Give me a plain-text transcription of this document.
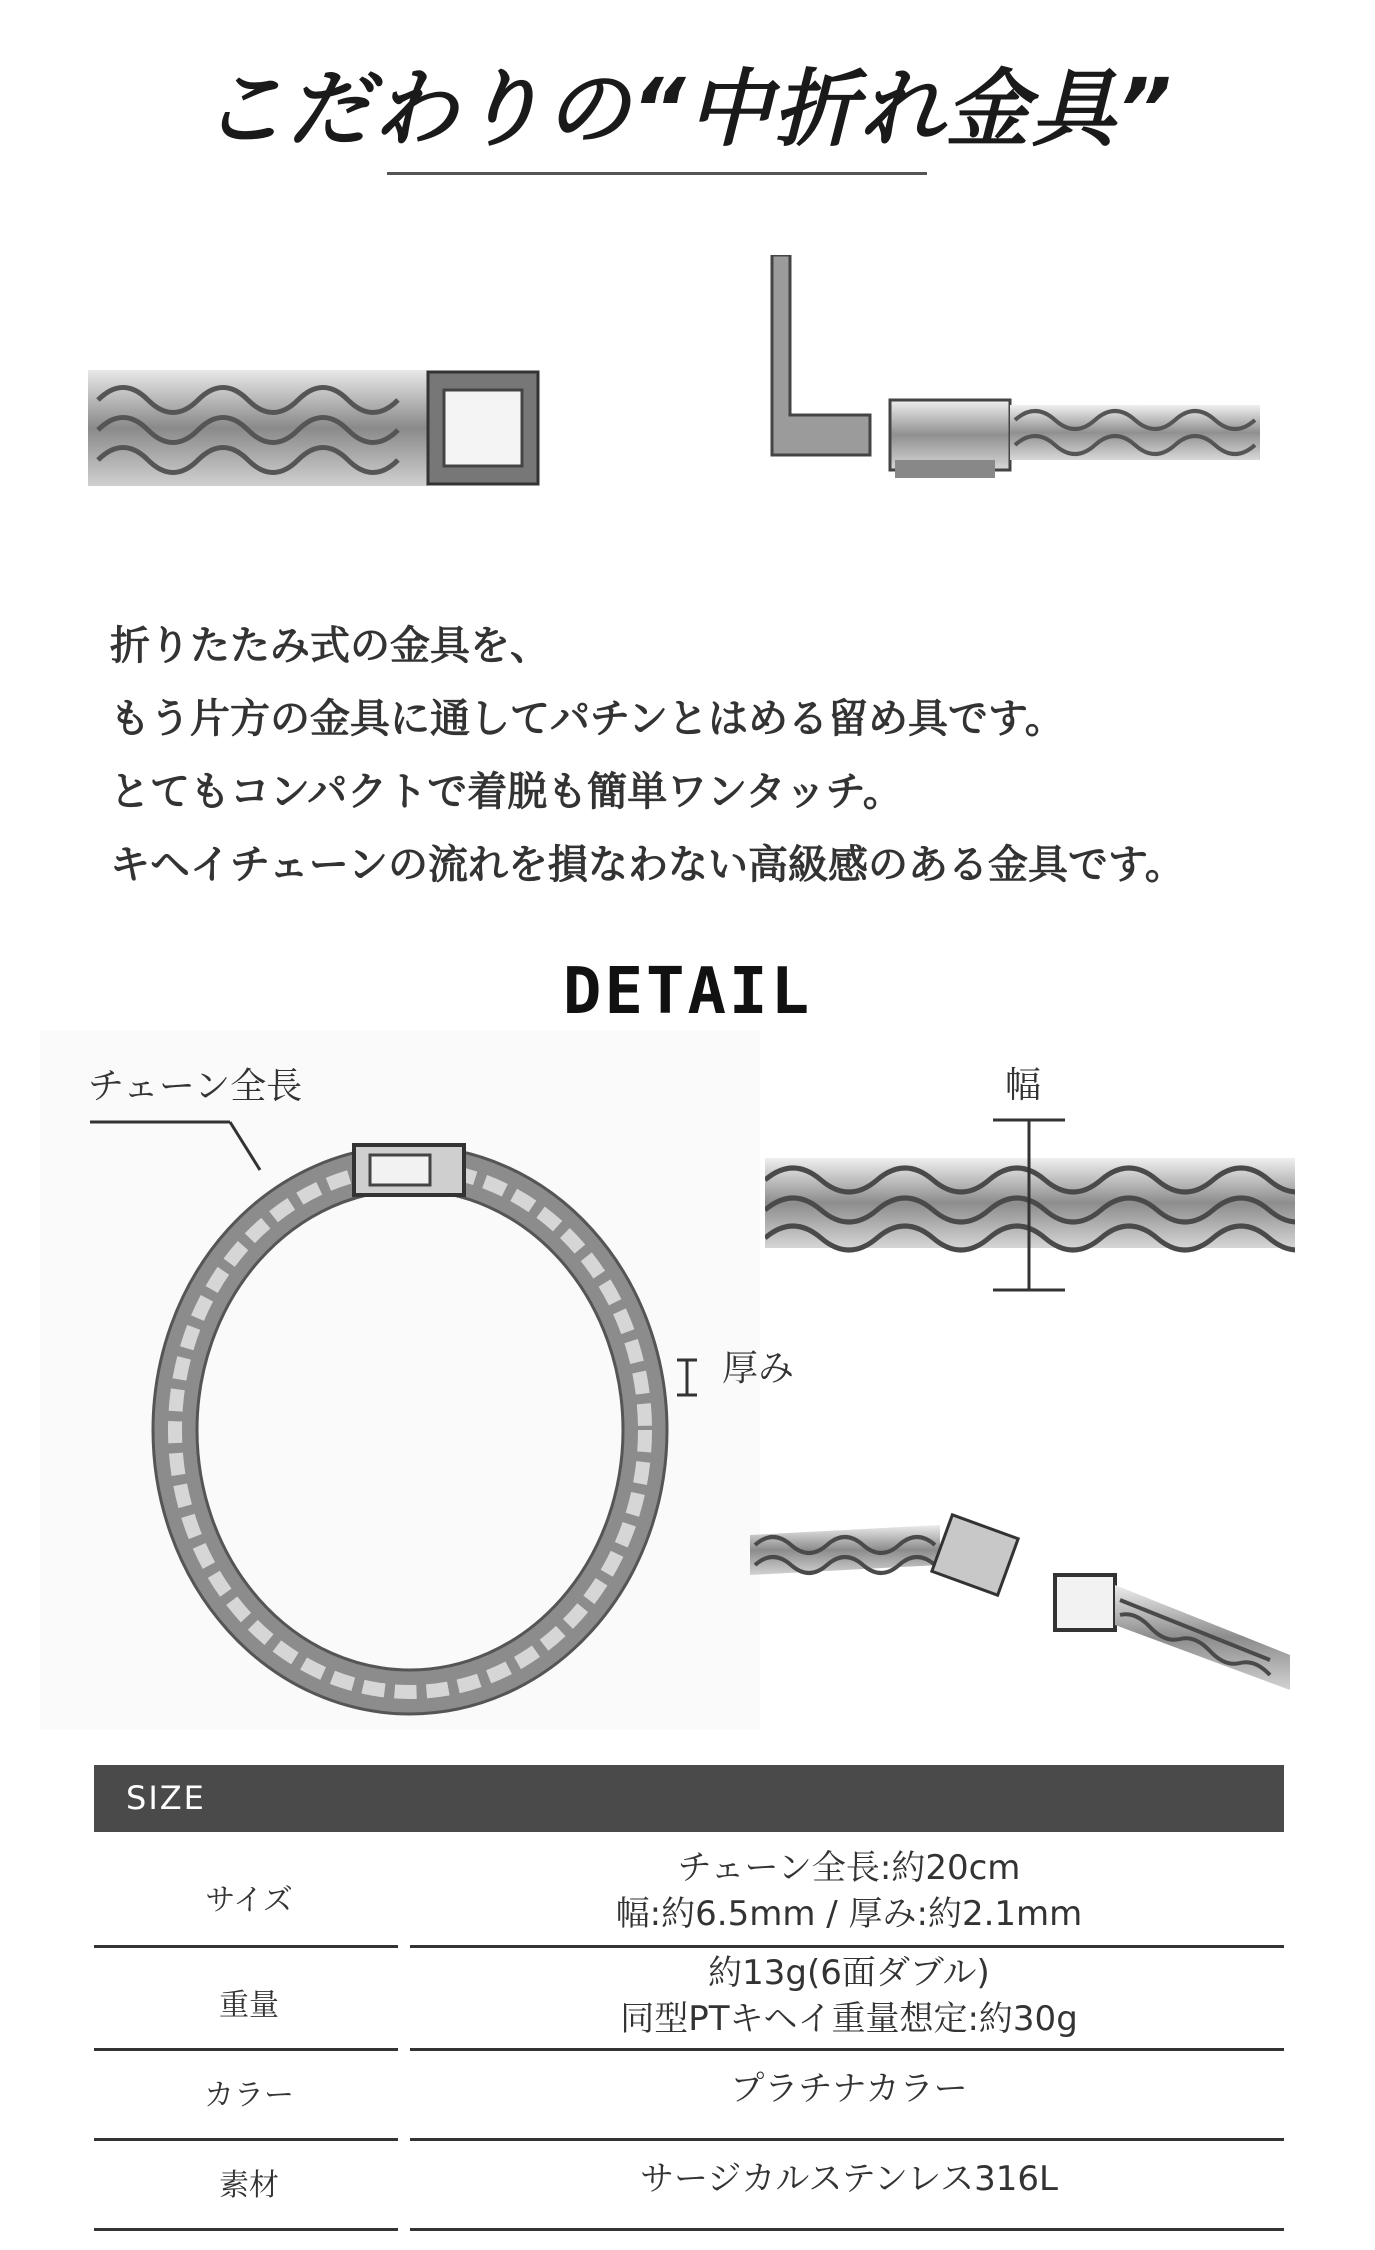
こだわりの“中折れ金具”
折りたたみ式の金具を、
もう片方の金具に通してパチンとはめる留め具です。
とてもコンパクトで着脱も簡単ワンタッチ。
キヘイチェーンの流れを損なわない高級感のある金具です。
DETAIL
チェーン全長
厚み
幅
SIZE
サイズ
チェーン全長:約20cm
幅:約6.5mm / 厚み:約2.1mm
重量
約13g(6面ダブル)
同型PTキヘイ重量想定:約30g
カラー	プラチナカラー
素材	サージカルステンレス316L
